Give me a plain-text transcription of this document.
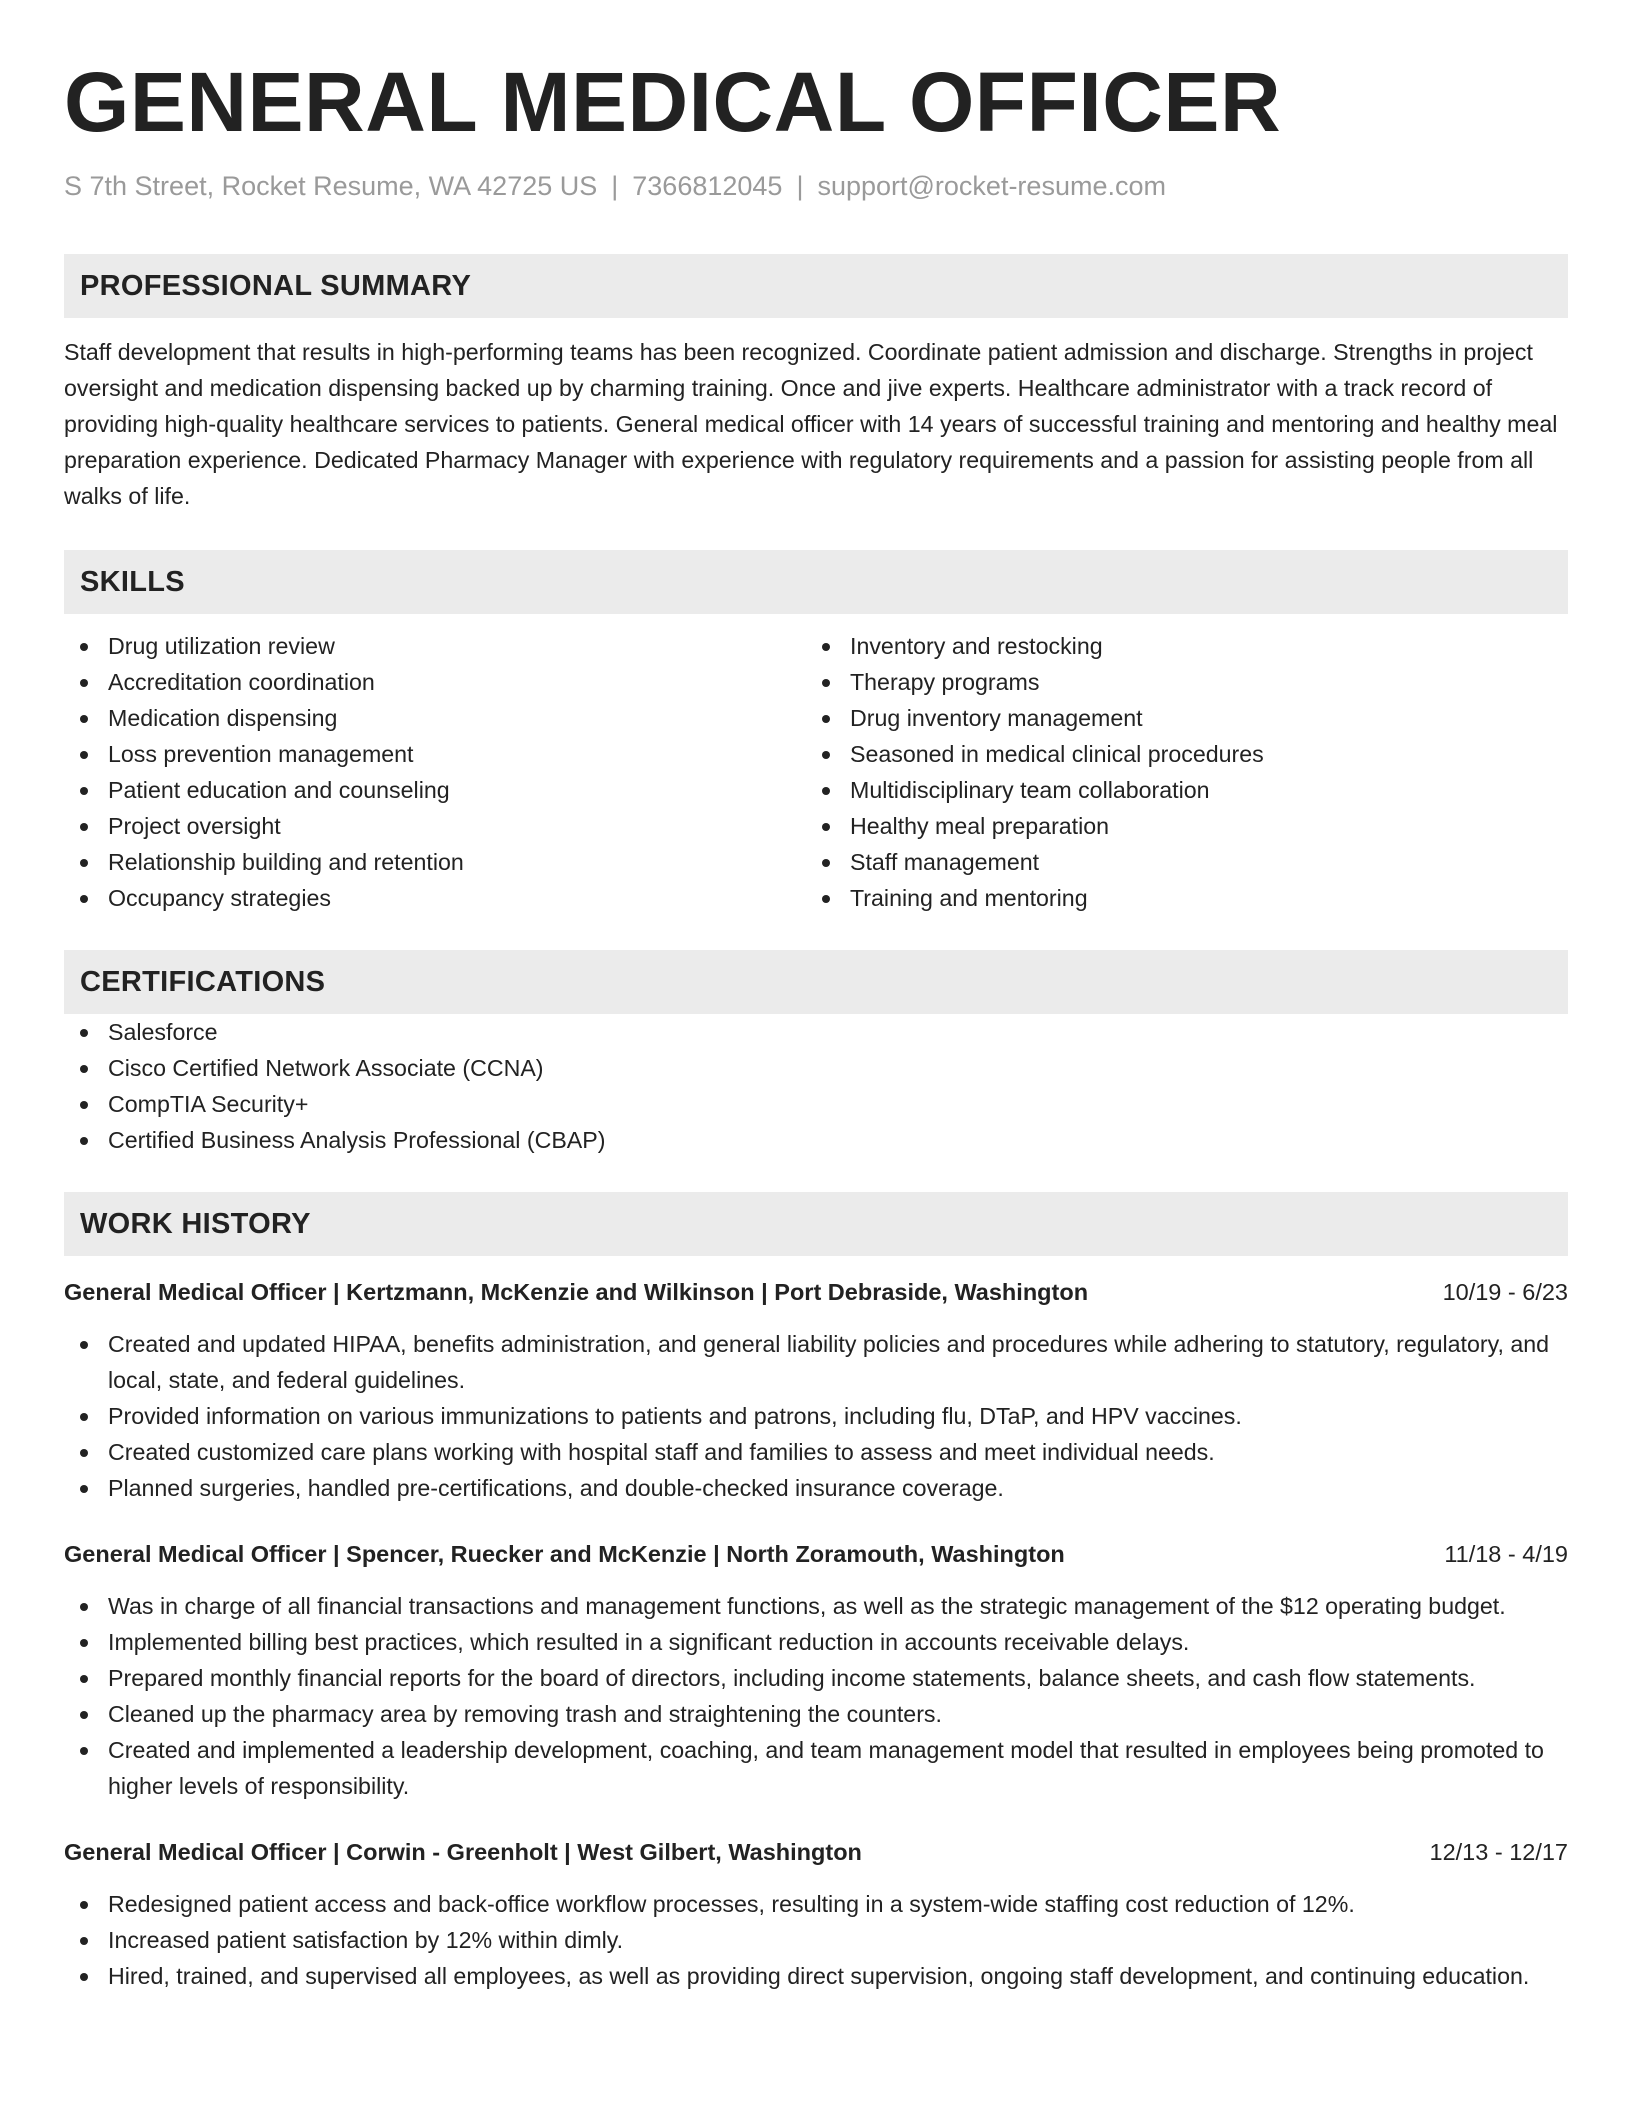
GENERAL MEDICAL OFFICER
S 7th Street, Rocket Resume, WA 42725 US | 7366812045 | support@rocket-resume.com
PROFESSIONAL SUMMARY
Staff development that results in high-performing teams has been recognized. Coordinate patient admission and discharge. Strengths in project oversight and medication dispensing backed up by charming training. Once and jive experts. Healthcare administrator with a track record of providing high-quality healthcare services to patients. General medical officer with 14 years of successful training and mentoring and healthy meal preparation experience. Dedicated Pharmacy Manager with experience with regulatory requirements and a passion for assisting people from all walks of life.
SKILLS
Drug utilization review
Accreditation coordination
Medication dispensing
Loss prevention management
Patient education and counseling
Project oversight
Relationship building and retention
Occupancy strategies
Inventory and restocking
Therapy programs
Drug inventory management
Seasoned in medical clinical procedures
Multidisciplinary team collaboration
Healthy meal preparation
Staff management
Training and mentoring
CERTIFICATIONS
Salesforce
Cisco Certified Network Associate (CCNA)
CompTIA Security+
Certified Business Analysis Professional (CBAP)
WORK HISTORY
General Medical Officer | Kertzmann, McKenzie and Wilkinson | Port Debraside, Washington	10/19 - 6/23
Created and updated HIPAA, benefits administration, and general liability policies and procedures while adhering to statutory, regulatory, and local, state, and federal guidelines.
Provided information on various immunizations to patients and patrons, including flu, DTaP, and HPV vaccines.
Created customized care plans working with hospital staff and families to assess and meet individual needs.
Planned surgeries, handled pre-certifications, and double-checked insurance coverage.
General Medical Officer | Spencer, Ruecker and McKenzie | North Zoramouth, Washington	11/18 - 4/19
Was in charge of all financial transactions and management functions, as well as the strategic management of the $12 operating budget.
Implemented billing best practices, which resulted in a significant reduction in accounts receivable delays.
Prepared monthly financial reports for the board of directors, including income statements, balance sheets, and cash flow statements.
Cleaned up the pharmacy area by removing trash and straightening the counters.
Created and implemented a leadership development, coaching, and team management model that resulted in employees being promoted to higher levels of responsibility.
General Medical Officer | Corwin - Greenholt | West Gilbert, Washington	12/13 - 12/17
Redesigned patient access and back-office workflow processes, resulting in a system-wide staffing cost reduction of 12%.
Increased patient satisfaction by 12% within dimly.
Hired, trained, and supervised all employees, as well as providing direct supervision, ongoing staff development, and continuing education.
